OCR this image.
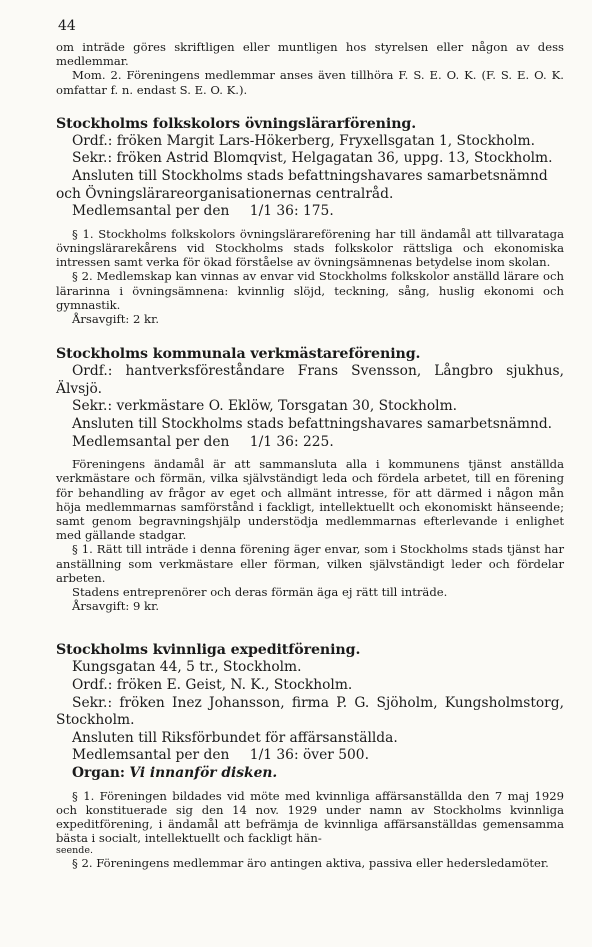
44

om inträde göres skriftligen eller muntligen hos styrelsen eller någon av dess medlemmar.

Mom. 2. Föreningens medlemmar anses även tillhöra F. S. E. O. K. (F. S. E. O. K. omfattar f. n. endast S. E. O. K.).

Stockholms folkskolors övningslärarförening.

Ordf.: fröken Margit Lars-Hökerberg, Fryxellsgatan 1, Stockholm.

Sekr.: fröken Astrid Blomqvist, Helgagatan 36, uppg. 13, Stockholm.

Ansluten till Stockholms stads befattningshavares samarbetsnämnd och Övningslärareorganisationernas centralråd.

Medlemsantal per den 1/1 36: 175.

§ 1. Stockholms folkskolors övningslärareförening har till ändamål att tillvarataga övningslärarekårens vid Stockholms stads folkskolor rättsliga och ekonomiska intressen samt verka för ökad förståelse av övningsämnenas betydelse inom skolan.

§ 2. Medlemskap kan vinnas av envar vid Stockholms folkskolor anställd lärare och lärarinna i övningsämnena: kvinnlig slöjd, teckning, sång, huslig ekonomi och gymnastik.

Årsavgift: 2 kr.

Stockholms kommunala verkmästareförening.

Ordf.: hantverksföreståndare Frans Svensson, Långbro sjukhus, Älvsjö.

Sekr.: verkmästare O. Eklöw, Torsgatan 30, Stockholm.

Ansluten till Stockholms stads befattningshavares samarbetsnämnd.

Medlemsantal per den 1/1 36: 225.

Föreningens ändamål är att sammansluta alla i kommunens tjänst anställda verkmästare och förmän, vilka självständigt leda och fördela arbetet, till en förening för behandling av frågor av eget och allmänt intresse, för att därmed i någon mån höja medlemmarnas samförstånd i fackligt, intellektuellt och ekonomiskt hänseende; samt genom begravningshjälp understödja medlemmarnas efterlevande i enlighet med gällande stadgar.

§ 1. Rätt till inträde i denna förening äger envar, som i Stockholms stads tjänst har anställning som verkmästare eller förman, vilken självständigt leder och fördelar arbeten.

Stadens entreprenörer och deras förmän äga ej rätt till inträde.

Årsavgift: 9 kr.

Stockholms kvinnliga expeditförening.

Kungsgatan 44, 5 tr., Stockholm.

Ordf.: fröken E. Geist, N. K., Stockholm.

Sekr.: fröken Inez Johansson, firma P. G. Sjöholm, Kungsholmstorg, Stockholm.

Ansluten till Riksförbundet för affärsanställda.

Medlemsantal per den 1/1 36: över 500.

Organ: Vi innanför disken.

§ 1. Föreningen bildades vid möte med kvinnliga affärsanställda den 7 maj 1929 och konstituerade sig den 14 nov. 1929 under namn av Stockholms kvinnliga expeditförening, i ändamål att befrämja de kvinnliga affärsanställdas gemensamma bästa i socialt, intellektuellt och fackligt hän-

seende.

§ 2. Föreningens medlemmar äro antingen aktiva, passiva eller hedersledamöter.
